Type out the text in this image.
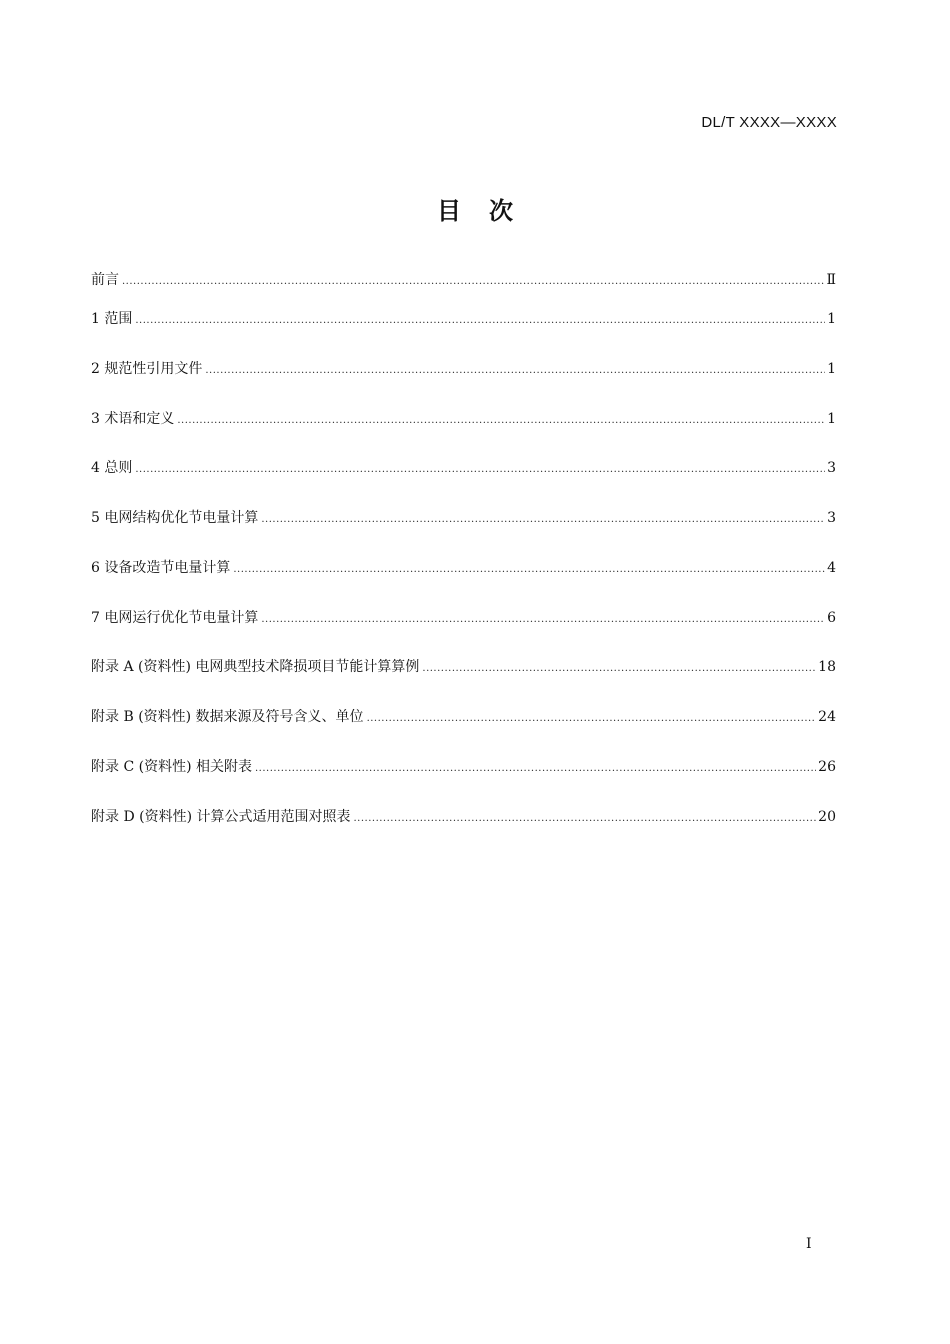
DL/T XXXX—XXXX
目次
前言 .....	Ⅱ
1 范围 .....	1
2 规范性引用文件 .....	1
3 术语和定义 .....	1
4 总则 .....	3
5 电网结构优化节电量计算 .....	3
6 设备改造节电量计算 .....	4
7 电网运行优化节电量计算 .....	6
附录 A (资料性) 电网典型技术降损项目节能计算算例 .....	18
附录 B (资料性) 数据来源及符号含义、单位 .....	24
附录 C (资料性) 相关附表 .....	26
附录 D (资料性) 计算公式适用范围对照表 .....	20
I
